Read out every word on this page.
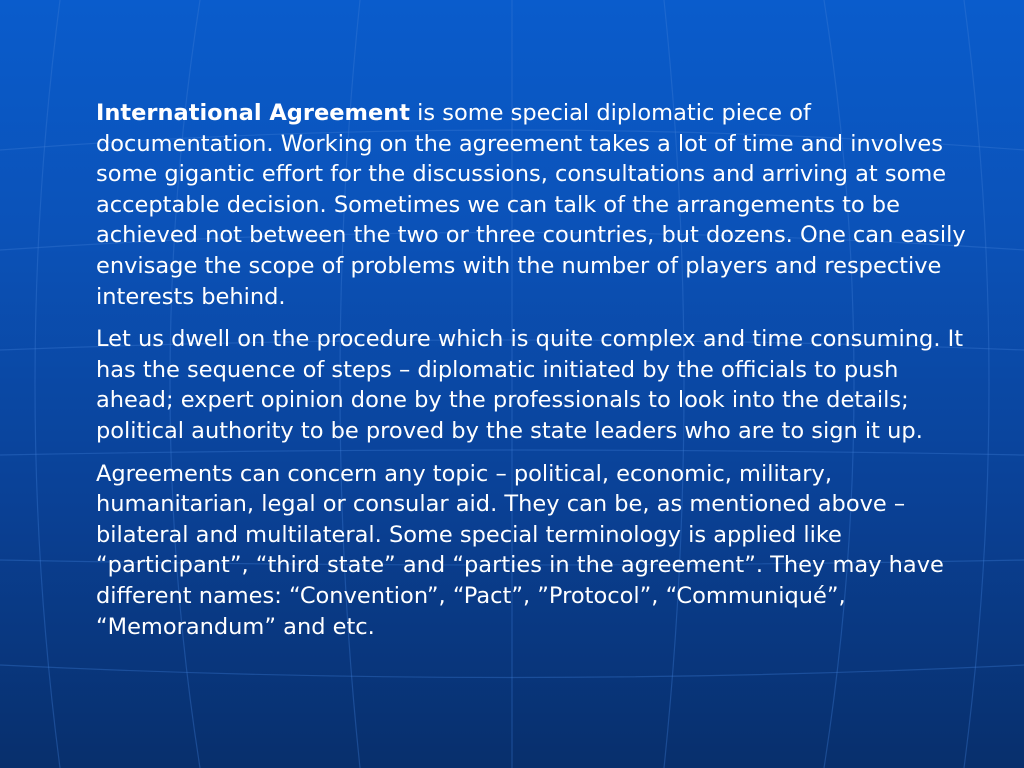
International Agreement is some special diplomatic piece of documentation. Working on the agreement takes a lot of time and involves some gigantic effort for the discussions, consultations and arriving at some acceptable decision. Sometimes we can talk of the arrangements to be achieved not between the two or three countries, but dozens. One can easily envisage the scope of problems with the number of players and respective interests behind.

Let us dwell on the procedure which is quite complex and time consuming. It has the sequence of steps – diplomatic initiated by the officials to push ahead; expert opinion done by the professionals to look into the details; political authority to be proved by the state leaders who are to sign it up.

Agreements can concern any topic – political, economic, military, humanitarian, legal or consular aid. They can be, as mentioned above – bilateral and multilateral. Some special terminology is applied like “participant”, “third state” and “parties in the agreement”. They may have different names: “Convention”, “Pact”, ”Protocol”, “Communiqué”, “Memorandum” and etc.
